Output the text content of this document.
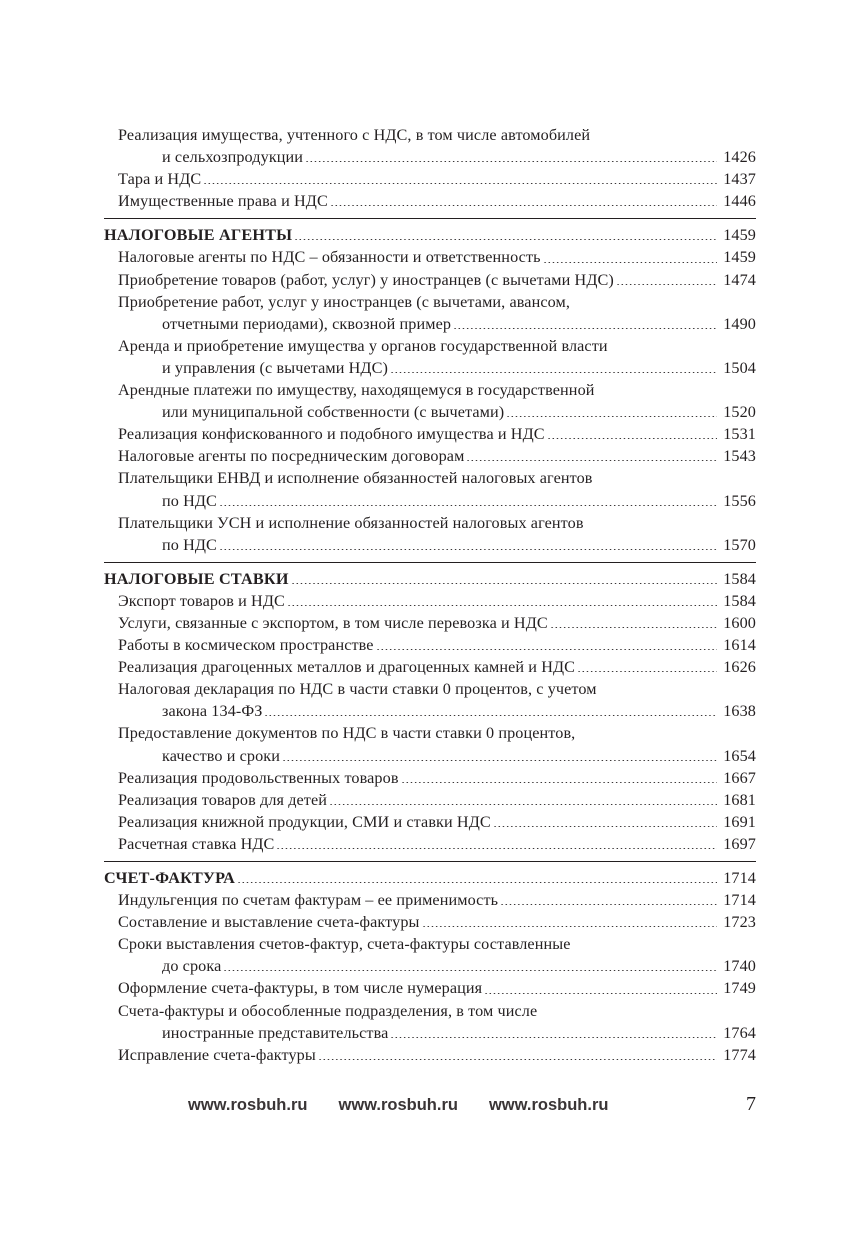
Реализация имущества, учтенного с НДС, в том числе автомобилей
и сельхозпродукции	1426
Тара и НДС	1437
Имущественные права и НДС	1446
НАЛОГОВЫЕ АГЕНТЫ	1459
Налоговые агенты по НДС – обязанности и ответственность	1459
Приобретение товаров (работ, услуг) у иностранцев (с вычетами НДС)	1474
Приобретение работ, услуг у иностранцев (с вычетами, авансом,
отчетными периодами), сквозной пример	1490
Аренда и приобретение имущества у органов государственной власти
и управления (с вычетами НДС)	1504
Арендные платежи по имуществу, находящемуся в государственной
или муниципальной собственности (с вычетами)	1520
Реализация конфискованного и подобного имущества и НДС	1531
Налоговые агенты по посредническим договорам	1543
Плательщики ЕНВД и исполнение обязанностей налоговых агентов
по НДС	1556
Плательщики УСН и исполнение обязанностей налоговых агентов
по НДС	1570
НАЛОГОВЫЕ СТАВКИ	1584
Экспорт товаров и НДС	1584
Услуги, связанные с экспортом, в том числе перевозка и НДС	1600
Работы в космическом пространстве	1614
Реализация драгоценных металлов и драгоценных камней и НДС	1626
Налоговая декларация по НДС в части ставки 0 процентов, с учетом
закона 134-ФЗ	1638
Предоставление документов по НДС в части ставки 0 процентов,
качество и сроки	1654
Реализация продовольственных товаров	1667
Реализация товаров для детей	1681
Реализация книжной продукции, СМИ и ставки НДС	1691
Расчетная ставка НДС	1697
СЧЕТ-ФАКТУРА	1714
Индульгенция по счетам фактурам – ее применимость	1714
Составление и выставление счета-фактуры	1723
Сроки выставления счетов-фактур, счета-фактуры составленные
до срока	1740
Оформление счета-фактуры, в том числе нумерация	1749
Счета-фактуры и обособленные подразделения, в том числе
иностранные представительства	1764
Исправление счета-фактуры	1774
www.rosbuh.ru www.rosbuh.ru www.rosbuh.ru	7
